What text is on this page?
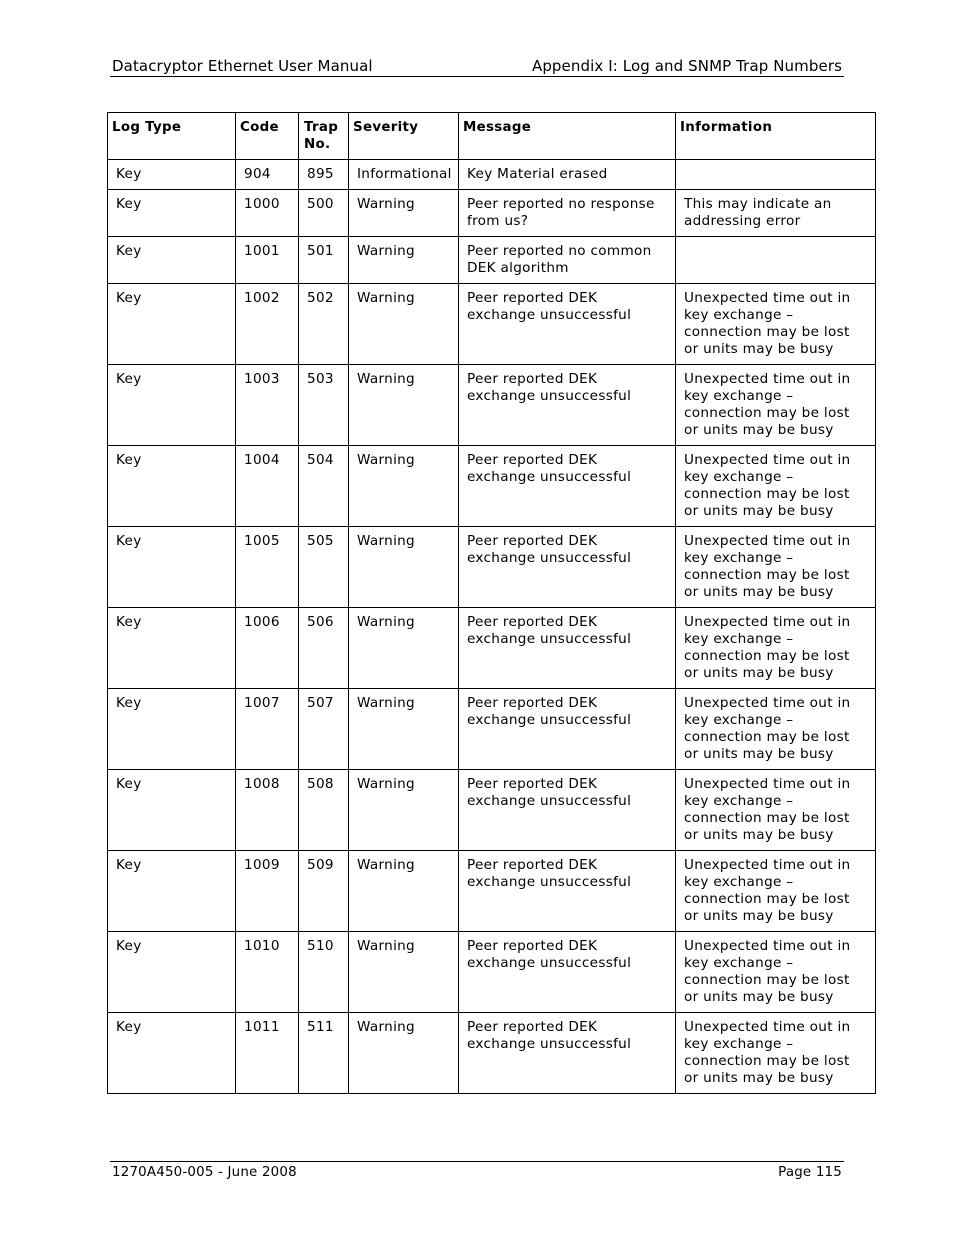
Datacryptor Ethernet User Manual	Appendix I: Log and SNMP Trap Numbers
Log Type	Code	Trap No.	Severity	Message	Information
Key	904	895	Informational	Key Material erased	
Key	1000	500	Warning	Peer reported no response from us?	This may indicate an addressing error
Key	1001	501	Warning	Peer reported no common DEK algorithm	
Key	1002	502	Warning	Peer reported DEK exchange unsuccessful	Unexpected time out in key exchange – connection may be lost or units may be busy
Key	1003	503	Warning	Peer reported DEK exchange unsuccessful	Unexpected time out in key exchange – connection may be lost or units may be busy
Key	1004	504	Warning	Peer reported DEK exchange unsuccessful	Unexpected time out in key exchange – connection may be lost or units may be busy
Key	1005	505	Warning	Peer reported DEK exchange unsuccessful	Unexpected time out in key exchange – connection may be lost or units may be busy
Key	1006	506	Warning	Peer reported DEK exchange unsuccessful	Unexpected time out in key exchange – connection may be lost or units may be busy
Key	1007	507	Warning	Peer reported DEK exchange unsuccessful	Unexpected time out in key exchange – connection may be lost or units may be busy
Key	1008	508	Warning	Peer reported DEK exchange unsuccessful	Unexpected time out in key exchange – connection may be lost or units may be busy
Key	1009	509	Warning	Peer reported DEK exchange unsuccessful	Unexpected time out in key exchange – connection may be lost or units may be busy
Key	1010	510	Warning	Peer reported DEK exchange unsuccessful	Unexpected time out in key exchange – connection may be lost or units may be busy
Key	1011	511	Warning	Peer reported DEK exchange unsuccessful	Unexpected time out in key exchange – connection may be lost or units may be busy
1270A450-005 - June 2008	Page 115
